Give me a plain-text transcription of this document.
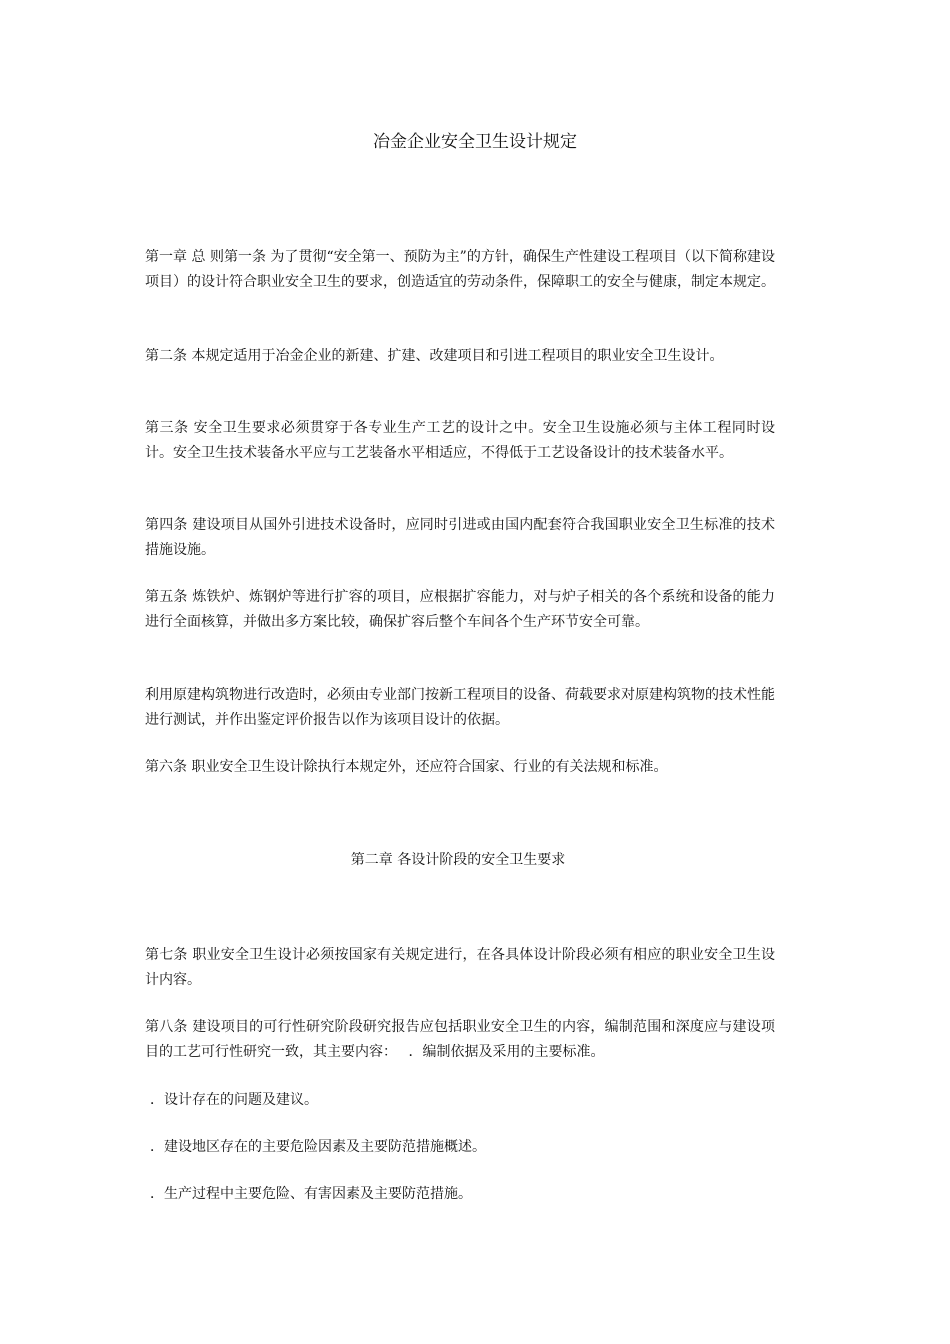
冶金企业安全卫生设计规定

第一章 总 则第一条 为了贯彻“安全第一、预防为主”的方针，确保生产性建设工程项目（以下简称建设项目）的设计符合职业安全卫生的要求，创造适宜的劳动条件，保障职工的安全与健康，制定本规定。

第二条 本规定适用于冶金企业的新建、扩建、改建项目和引进工程项目的职业安全卫生设计。

第三条 安全卫生要求必须贯穿于各专业生产工艺的设计之中。安全卫生设施必须与主体工程同时设计。安全卫生技术装备水平应与工艺装备水平相适应，不得低于工艺设备设计的技术装备水平。

第四条 建设项目从国外引进技术设备时，应同时引进或由国内配套符合我国职业安全卫生标准的技术措施设施。

第五条 炼铁炉、炼钢炉等进行扩容的项目，应根据扩容能力，对与炉子相关的各个系统和设备的能力进行全面核算，并做出多方案比较，确保扩容后整个车间各个生产环节安全可靠。

利用原建构筑物进行改造时，必须由专业部门按新工程项目的设备、荷载要求对原建构筑物的技术性能进行测试，并作出鉴定评价报告以作为该项目设计的依据。

第六条 职业安全卫生设计除执行本规定外，还应符合国家、行业的有关法规和标准。

第二章 各设计阶段的安全卫生要求

第七条 职业安全卫生设计必须按国家有关规定进行，在各具体设计阶段必须有相应的职业安全卫生设计内容。

第八条 建设项目的可行性研究阶段研究报告应包括职业安全卫生的内容，编制范围和深度应与建设项目的工艺可行性研究一致，其主要内容：　 ．编制依据及采用的主要标准。

．设计存在的问题及建议。

．建设地区存在的主要危险因素及主要防范措施概述。

．生产过程中主要危险、有害因素及主要防范措施。
